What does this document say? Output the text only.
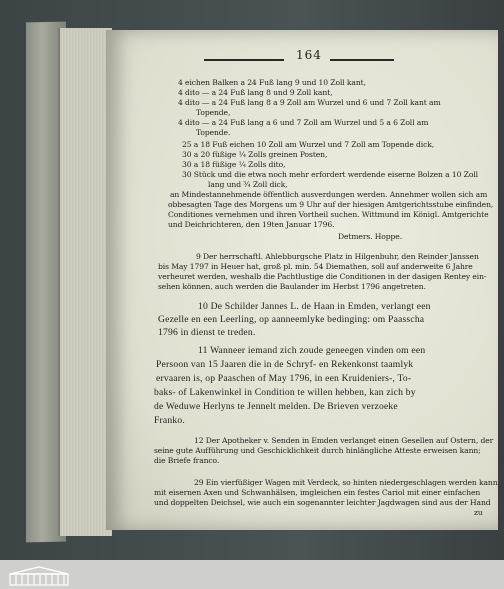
164
4 eichen Balken a 24 Fuß lang 9 und 10 Zoll kant,
4 dito — a 24 Fuß lang 8 und 9 Zoll kant,
4 dito — a 24 Fuß lang 8 a 9 Zoll am Wurzel und 6 und 7 Zoll kant am
Topende,
4 dito — a 24 Fuß lang a 6 und 7 Zoll am Wurzel und 5 a 6 Zoll am
Topende.
25 a 18 Fuß eichen 10 Zoll am Wurzel und 7 Zoll am Topende dick,
30 a 20 füßige ¼ Zolls greinen Posten,
30 a 18 füßige ¼ Zolls dito,
30 Stück und die etwa noch mehr erfordert werdende eiserne Bolzen a 10 Zoll
lang und ¾ Zoll dick,
an Mindestannehmende öffentlich ausverdungen werden. Annehmer wollen sich am
obbesagten Tage des Morgens um 9 Uhr auf der hiesigen Amtgerichtsstube einfinden,
Conditiones vernehmen und ihren Vortheil suchen. Wittmund im Königl. Amtgerichte
und Deichrichteren, den 19ten Januar 1796.
Detmers. Hoppe.
9 Der herrschaftl. Ahlebburgsche Platz in Hilgenbuhr, den Reinder Janssen
bis May 1797 in Heuer hat, groß pl. min. 54 Diemathen, soll auf anderweite 6 Jahre
verheuret werden, weshalb die Pachtlustige die Conditionen in der dasigen Rentey ein-
sehen können, auch werden die Baulander im Herbst 1796 angetreten.
10 De Schilder Jannes L. de Haan in Emden, verlangt een
Gezelle en een Leerling, op aanneemlyke bedinging: om Paasscha
1796 in dienst te treden.
11 Wanneer iemand zich zoude geneegen vinden om een
Persoon van 15 Jaaren die in de Schryf- en Rekenkonst taamlyk
ervaaren is, op Paaschen of May 1796, in een Kruideniers-, To-
baks- of Lakenwinkel in Condition te willen hebben, kan zich by
de Weduwe Herlyns te Jennelt melden. De Brieven verzoeke
Franko.
12 Der Apotheker v. Senden in Emden verlanget einen Gesellen auf Ostern, der
seine gute Aufführung und Geschicklichkeit durch hinlängliche Atteste erweisen kann;
die Briefe franco.
29 Ein vierfüßiger Wagen mit Verdeck, so hinten niedergeschlagen werden kann,
mit eisernen Axen und Schwanhälsen, imgleichen ein festes Cariol mit einer einfachen
und doppelten Deichsel, wie auch ein sogenannter leichter Jagdwagen sind aus der Hand
zu
